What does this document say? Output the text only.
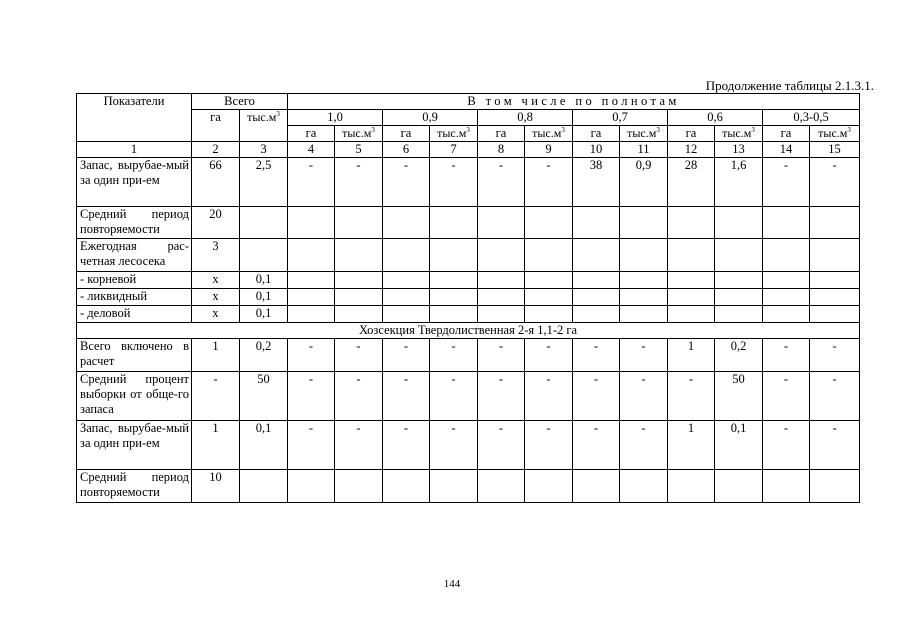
Продолжение таблицы 2.1.3.1.
Показатели	Всего		В том числе по полнотам											
	га	$тыс.м^3$	1,0		0,9		0,8		0,7		0,6		0,3-0,5	
			га	$тыс.м^3$	га	$тыс.м^3$	га	$тыс.м^3$	га	$тыс.м^3$	га	$тыс.м^3$	га	$тыс.м^3$
1	2	3	4	5	6	7	8	9	10	11	12	13	14	15
Запас, вырубае-мый за один при-ем	66	2,5	-	-	-	-	-	-	38	0,9	28	1,6	-	-
Средний период повторяемости	20													
Ежегодная рас-четная лесосека	3													
- корневой	х	0,1												
- ликвидный	х	0,1												
- деловой	х	0,1												
Хозсекция Твердолиственная 2-я 1,1-2 га														
Всего включено в расчет	1	0,2	-	-	-	-	-	-	-	-	1	0,2	-	-
Средний процент выборки от обще-го запаса	-	50	-	-	-	-	-	-	-	-	-	50	-	-
Запас, вырубае-мый за один при-ем	1	0,1	-	-	-	-	-	-	-	-	1	0,1	-	-
Средний период повторяемости	10													
144
